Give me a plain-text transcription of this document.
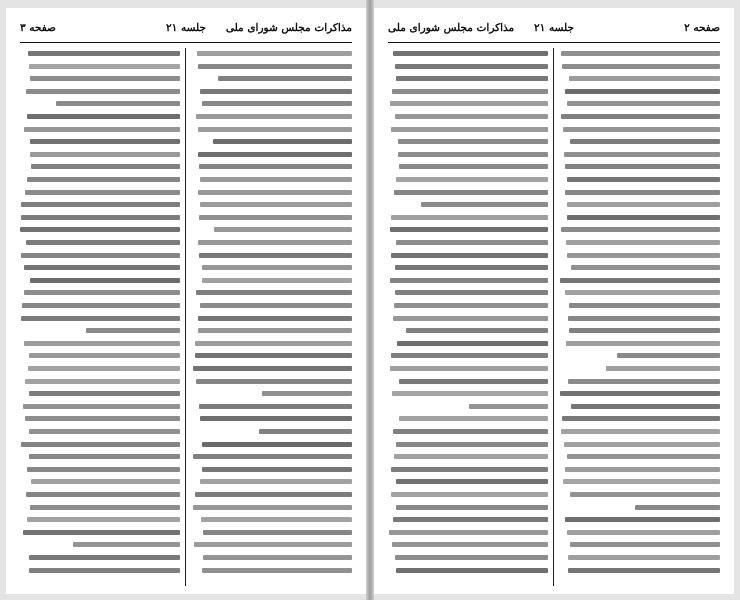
مذاکرات مجلس شورای ملی
جلسه ۲۱
صفحه ۳	صفحه ۲
جلسه ۲۱
مذاکرات مجلس شورای ملی
